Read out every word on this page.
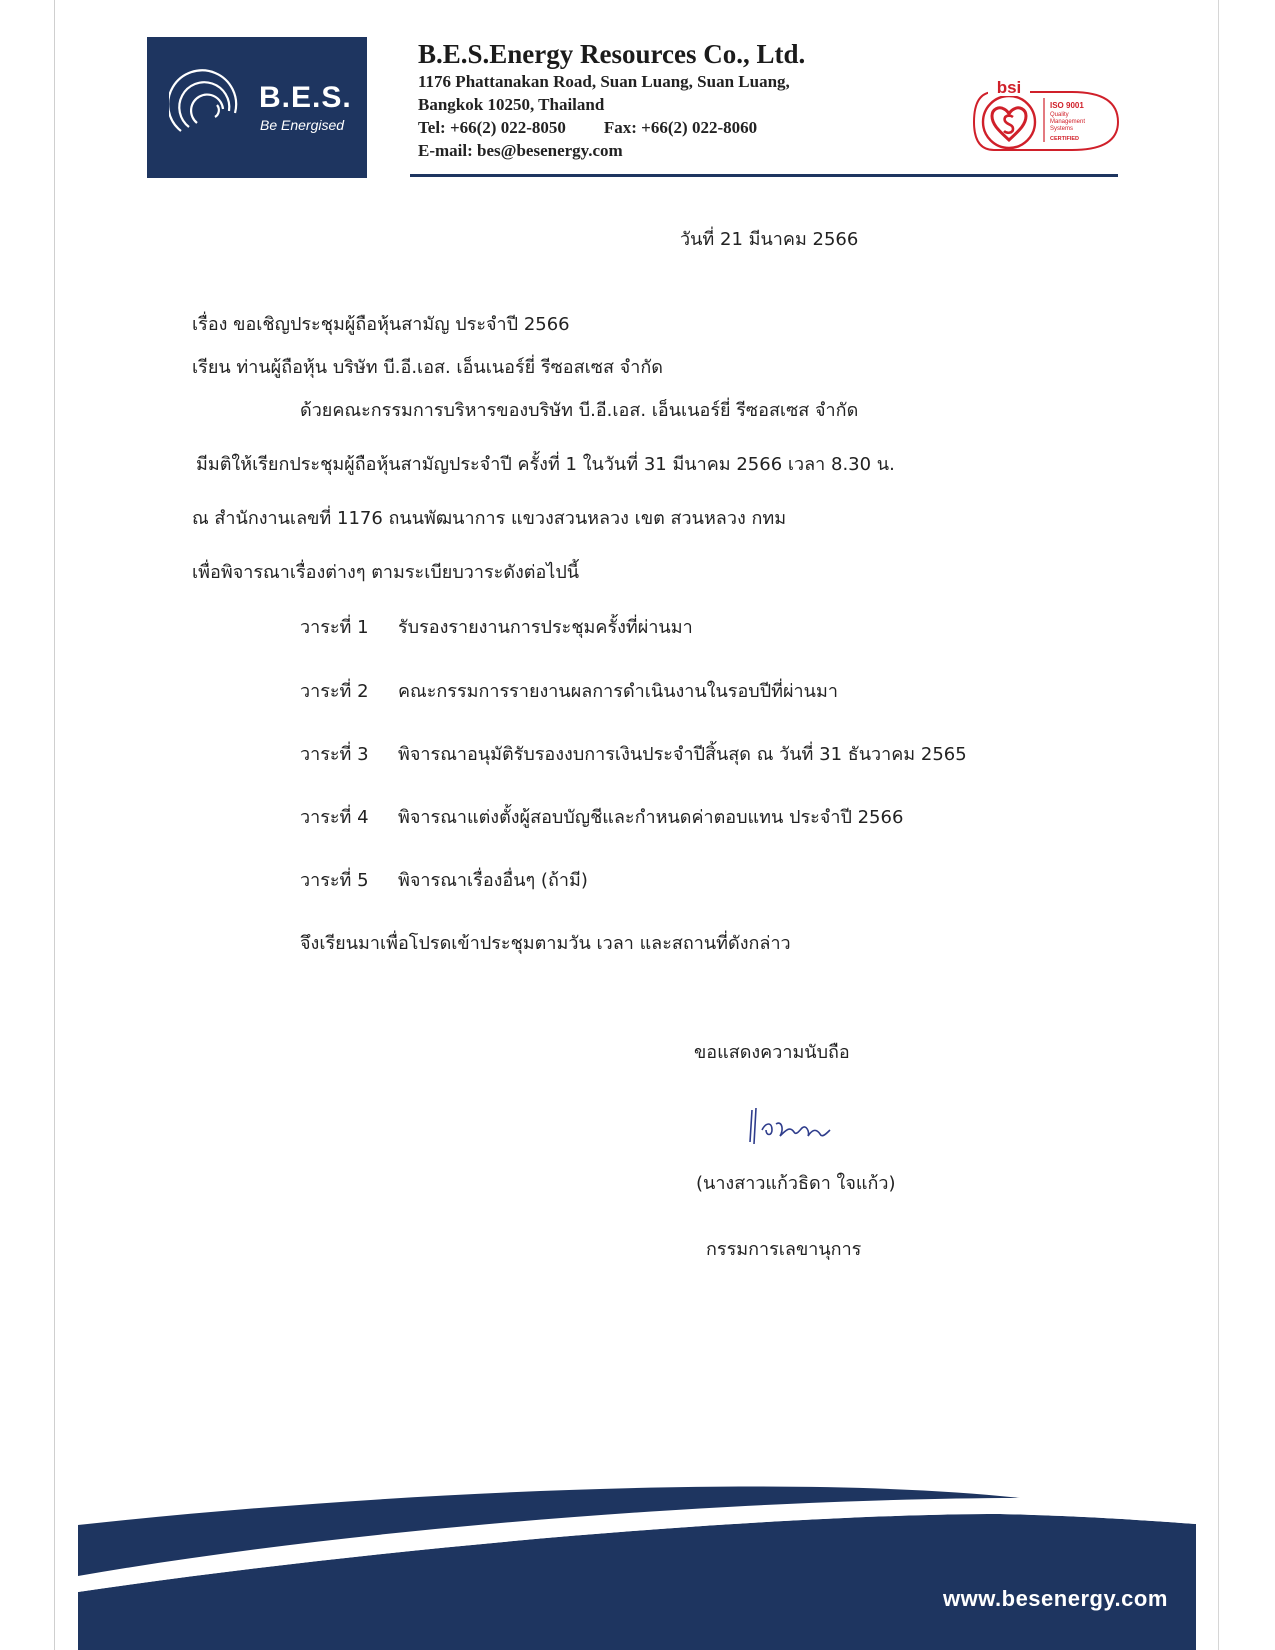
B.E.S.
Be Energised
B.E.S.Energy Resources Co., Ltd.
1176 Phattanakan Road, Suan Luang, Suan Luang,
Bangkok 10250, Thailand
Tel: +66(2) 022-8050 Fax: +66(2) 022-8060
E-mail: bes@besenergy.com
bsi
ISO 9001
Quality
Management
Systems
CERTIFIED
วันที่ 21 มีนาคม 2566
เรื่อง ขอเชิญประชุมผู้ถือหุ้นสามัญ ประจำปี 2566
เรียน ท่านผู้ถือหุ้น บริษัท บี.อี.เอส. เอ็นเนอร์ยี่ รีซอสเซส จำกัด
ด้วยคณะกรรมการบริหารของบริษัท บี.อี.เอส. เอ็นเนอร์ยี่ รีซอสเซส จำกัด
มีมติให้เรียกประชุมผู้ถือหุ้นสามัญประจำปี ครั้งที่ 1 ในวันที่ 31 มีนาคม 2566 เวลา 8.30 น.
ณ สำนักงานเลขที่ 1176 ถนนพัฒนาการ แขวงสวนหลวง เขต สวนหลวง กทม
เพื่อพิจารณาเรื่องต่างๆ ตามระเบียบวาระดังต่อไปนี้
วาระที่ 1 รับรองรายงานการประชุมครั้งที่ผ่านมา
วาระที่ 2 คณะกรรมการรายงานผลการดำเนินงานในรอบปีที่ผ่านมา
วาระที่ 3 พิจารณาอนุมัติรับรองงบการเงินประจำปีสิ้นสุด ณ วันที่ 31 ธันวาคม 2565
วาระที่ 4 พิจารณาแต่งตั้งผู้สอบบัญชีและกำหนดค่าตอบแทน ประจำปี 2566
วาระที่ 5 พิจารณาเรื่องอื่นๆ (ถ้ามี)
จึงเรียนมาเพื่อโปรดเข้าประชุมตามวัน เวลา และสถานที่ดังกล่าว
ขอแสดงความนับถือ
(นางสาวแก้วธิดา ใจแก้ว)
กรรมการเลขานุการ
www.besenergy.com
